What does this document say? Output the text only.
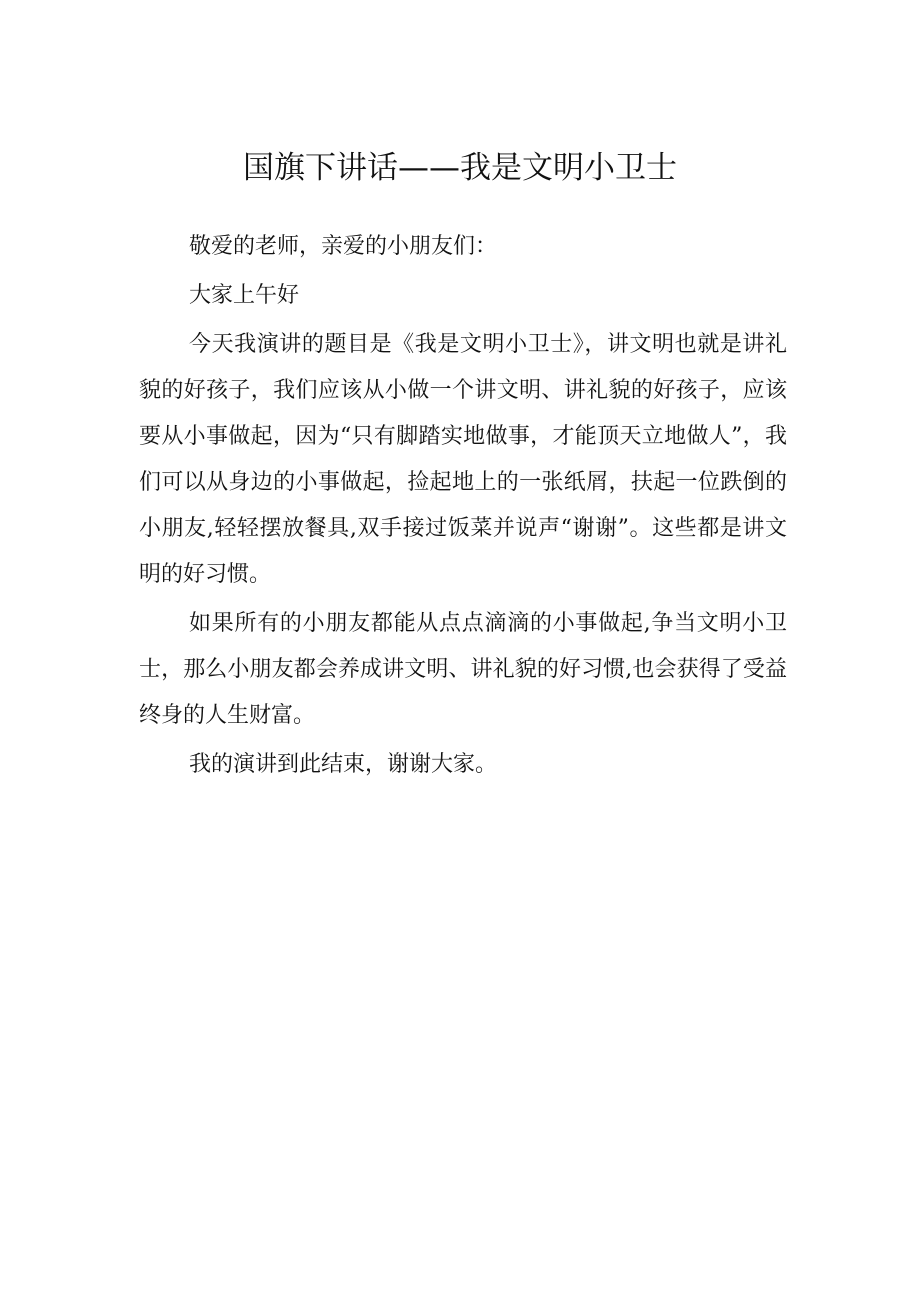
国旗下讲话——我是文明小卫士

敬爱的老师，亲爱的小朋友们：

大家上午好

今天我演讲的题目是《我是文明小卫士》，讲文明也就是讲礼貌的好孩子，我们应该从小做一个讲文明、讲礼貌的好孩子，应该要从小事做起，因为“只有脚踏实地做事，才能顶天立地做人”，我们可以从身边的小事做起，捡起地上的一张纸屑，扶起一位跌倒的小朋友,轻轻摆放餐具,双手接过饭菜并说声“谢谢”。这些都是讲文明的好习惯。

如果所有的小朋友都能从点点滴滴的小事做起,争当文明小卫士，那么小朋友都会养成讲文明、讲礼貌的好习惯,也会获得了受益终身的人生财富。

我的演讲到此结束，谢谢大家。
